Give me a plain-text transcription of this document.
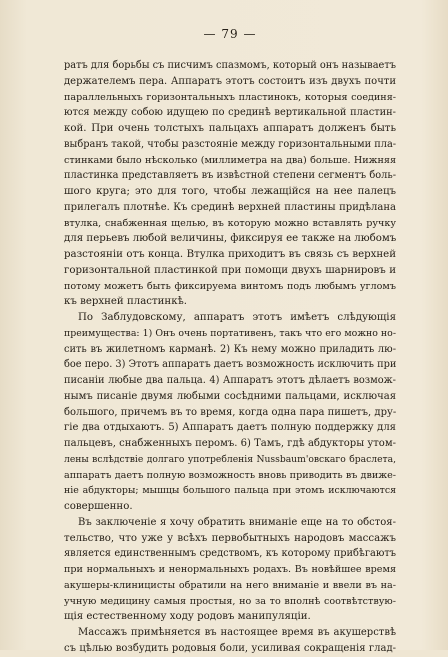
— 79 —
ратъ для борьбы съ писчимъ спазмомъ, который онъ называетъ
держателемъ пера. Аппаратъ этотъ состоитъ изъ двухъ почти
параллельныхъ горизонтальныхъ пластинокъ, которыя соединя-
ются между собою идущею по срединѣ вертикальной пластин-
кой. При очень толстыхъ пальцахъ аппаратъ долженъ быть
выбранъ такой, чтобы разстояніе между горизонтальными пла-
стинками было нѣсколько (миллиметра на два) больше. Нижняя
пластинка представляетъ въ извѣстной степени сегментъ боль-
шого круга; это для того, чтобы лежащійся на нее палецъ
прилегалъ плотнѣе. Къ срединѣ верхней пластины придѣлана
втулка, снабженная щелью, въ которую можно вставлять ручку
для перьевъ любой величины, фиксируя ее также на любомъ
разстояніи отъ конца. Втулка приходитъ въ связь съ верхней
горизонтальной пластинкой при помощи двухъ шарнировъ и
потому можетъ быть фиксируема винтомъ подъ любымъ угломъ
къ верхней пластинкѣ.
По Заблудовскому, аппаратъ этотъ имѣетъ слѣдующія
преимущества: 1) Онъ очень портативенъ, такъ что его можно но-
сить въ жилетномъ карманѣ. 2) Къ нему можно приладить лю-
бое перо. 3) Этотъ аппаратъ даетъ возможность исключить при
писаніи любые два пальца. 4) Аппаратъ этотъ дѣлаетъ возмож-
нымъ писаніе двумя любыми сосѣдними пальцами, исключая
большого, причемъ въ то время, когда одна пара пишетъ, дру-
гіе два отдыхаютъ. 5) Аппаратъ даетъ полную поддержку для
пальцевъ, снабженныхъ перомъ. 6) Тамъ, гдѣ абдукторы утом-
лены вслѣдствіе долгаго употребленія Nussbaum'овскаго браслета,
аппаратъ даетъ полную возможность вновь приводить въ движе-
ніе абдукторы; мышцы большого пальца при этомъ исключаются
совершенно.
Въ заключеніе я хочу обратить вниманіе еще на то обстоя-
тельство, что уже у всѣхъ первобытныхъ народовъ массажъ
является единственнымъ средствомъ, къ которому прибѣгаютъ
при нормальныхъ и ненормальныхъ родахъ. Въ новѣйшее время
акушеры-клиницисты обратили на него вниманіе и ввели въ на-
учную медицину самыя простыя, но за то вполнѣ соотвѣтствую-
щія естественному ходу родовъ манипуляціи.
Массажъ примѣняется въ настоящее время въ акушерствѣ
съ цѣлью возбудить родовыя боли, усиливая сокращенія глад-
